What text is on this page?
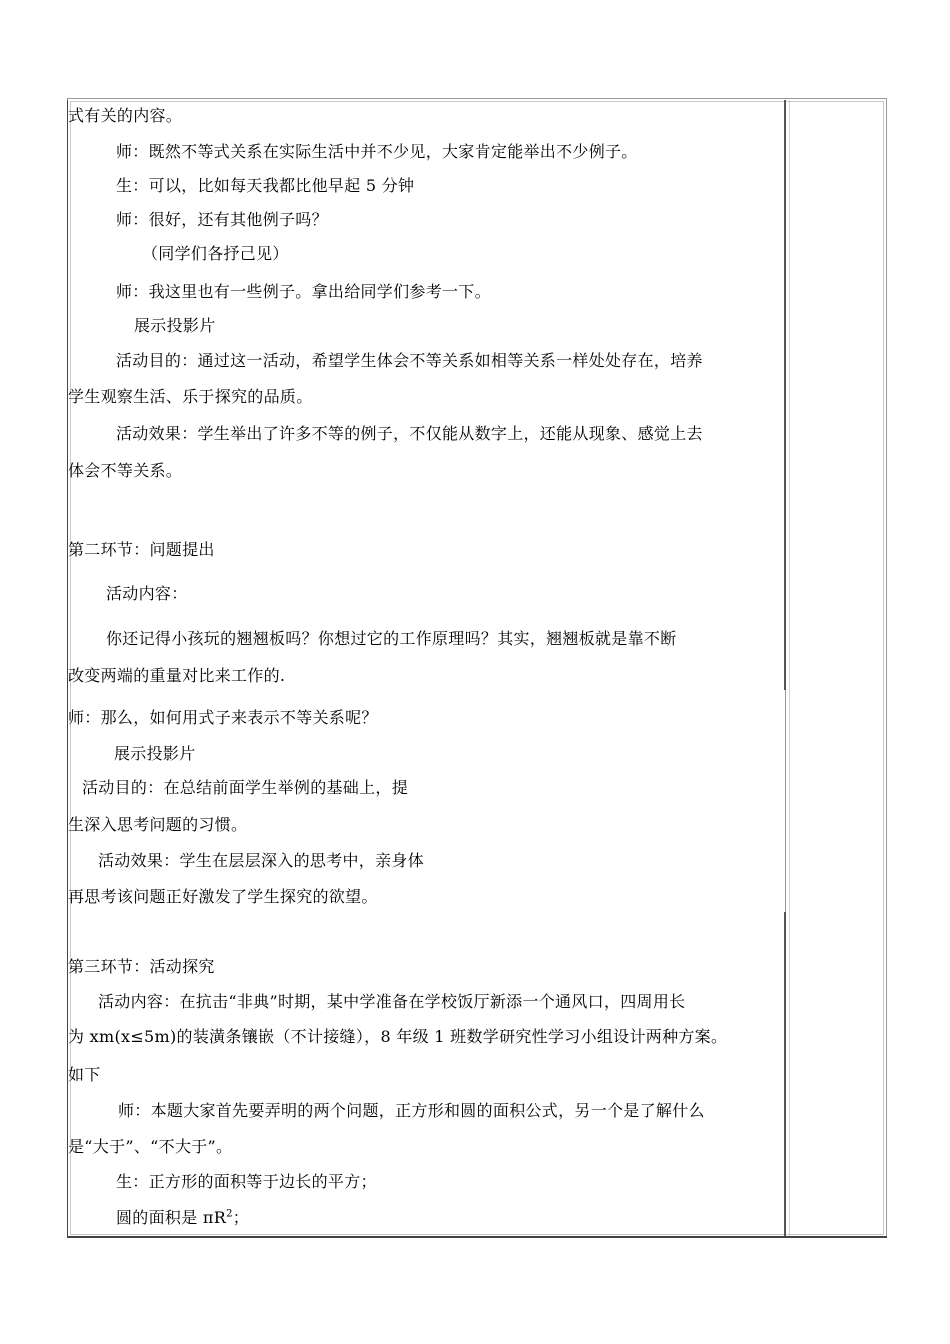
式有关的内容。
师：既然不等式关系在实际生活中并不少见，大家肯定能举出不少例子。
生：可以，比如每天我都比他早起 5 分钟
师：很好，还有其他例子吗？
（同学们各抒己见）
师：我这里也有一些例子。拿出给同学们参考一下。
展示投影片
活动目的：通过这一活动，希望学生体会不等关系如相等关系一样处处存在，培养
学生观察生活、乐于探究的品质。
活动效果：学生举出了许多不等的例子，不仅能从数字上，还能从现象、感觉上去
体会不等关系。
第二环节：问题提出
活动内容：
你还记得小孩玩的翘翘板吗？你想过它的工作原理吗？其实，翘翘板就是靠不断
改变两端的重量对比来工作的.
师：那么，如何用式子来表示不等关系呢？
展示投影片
活动目的：在总结前面学生举例的基础上，提
生深入思考问题的习惯。
活动效果：学生在层层深入的思考中，亲身体
再思考该问题正好激发了学生探究的欲望。
第三环节：活动探究
活动内容：在抗击“非典”时期，某中学准备在学校饭厅新添一个通风口，四周用长
为 xm(x≤5m)的装潢条镶嵌（不计接缝），8 年级 1 班数学研究性学习小组设计两种方案。
如下
师：本题大家首先要弄明的两个问题，正方形和圆的面积公式，另一个是了解什么
是“大于”、“不大于”。
生：正方形的面积等于边长的平方；
圆的面积是 $\pi R^2$；
